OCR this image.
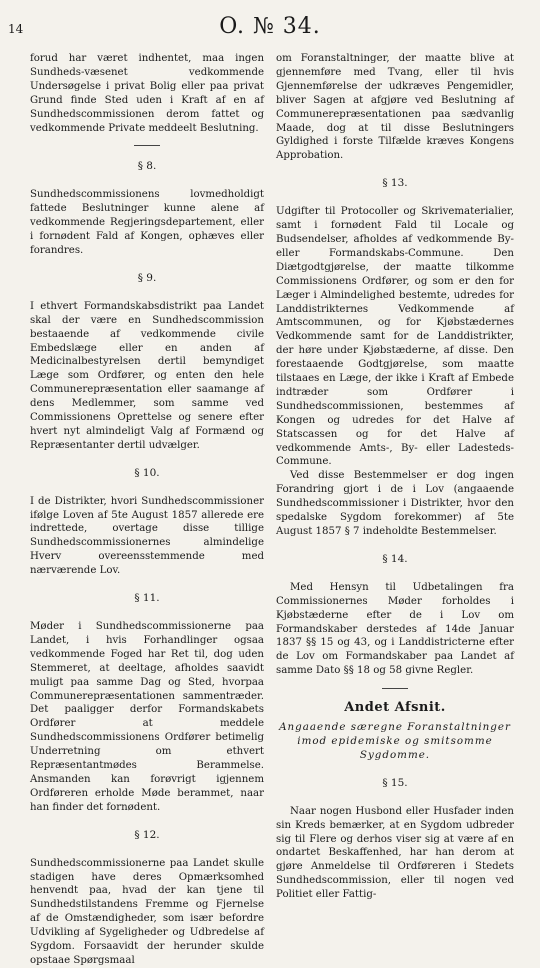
14	O. № 34.
forud har været indhentet, maa ingen Sundheds-væsenet vedkommende Undersøgelse i privat Bolig eller paa privat Grund finde Sted uden i Kraft af en af Sundhedscommissionen derom fattet og vedkommende Private meddeelt Beslutning.
§ 8.
Sundhedscommissionens lovmedholdigt fattede Beslutninger kunne alene af vedkommende Regjeringsdepartement, eller i fornødent Fald af Kongen, ophæves eller forandres.
§ 9.
I ethvert Formandskabsdistrikt paa Landet skal der være en Sundhedscommission bestaaende af vedkommende civile Embedslæge eller en anden af Medicinalbestyrelsen dertil bemyndiget Læge som Ordfører, og enten den hele Communerepræsentation eller saamange af dens Medlemmer, som samme ved Commissionens Oprettelse og senere efter hvert nyt almindeligt Valg af Formænd og Repræsentanter dertil udvælger.
§ 10.
I de Distrikter, hvori Sundhedscommissioner ifølge Loven af 5te August 1857 allerede ere indrettede, overtage disse tillige Sundhedscommissionernes almindelige Hverv overeensstemmende med nærværende Lov.
§ 11.
Møder i Sundhedscommissionerne paa Landet, i hvis Forhandlinger ogsaa vedkommende Foged har Ret til, dog uden Stemmeret, at deeltage, afholdes saavidt muligt paa samme Dag og Sted, hvorpaa Communerepræsentationen sammentræder. Det paaligger derfor Formandskabets Ordfører at meddele Sundhedscommissionens Ordfører betimelig Underretning om ethvert Repræsentantmødes Berammelse. Ansmanden kan forøvrigt igjennem Ordføreren erholde Møde berammet, naar han finder det fornødent.
§ 12.
Sundhedscommissionerne paa Landet skulle stadigen have deres Opmærksomhed henvendt paa, hvad der kan tjene til Sundhedstilstandens Fremme og Fjernelse af de Omstændigheder, som især befordre Udvikling af Sygeligheder og Udbredelse af Sygdom. Forsaavidt der herunder skulde opstaae Spørgsmaal
om Foranstaltninger, der maatte blive at gjennemføre med Tvang, eller til hvis Gjennemførelse der udkræves Pengemidler, bliver Sagen at afgjøre ved Beslutning af Communerepræsentationen paa sædvanlig Maade, dog at til disse Beslutningers Gyldighed i forste Tilfælde kræves Kongens Approbation.
§ 13.
Udgifter til Protocoller og Skrivematerialier, samt i fornødent Fald til Locale og Budsendelser, afholdes af vedkommende By- eller Formandskabs-Commune. Den Diætgodtgjørelse, der maatte tilkomme Commissionens Ordfører, og som er den for Læger i Almindelighed bestemte, udredes for Landdistrikternes Vedkommende af Amtscommunen, og for Kjøbstædernes Vedkommende samt for de Landdistrikter, der høre under Kjøbstæderne, af disse. Den forestaaende Godtgjørelse, som maatte tilstaaes en Læge, der ikke i Kraft af Embede indtræder som Ordfører i Sundhedscommissionen, bestemmes af Kongen og udredes for det Halve af Statscassen og for det Halve af vedkommende Amts-, By- eller Ladesteds-Commune.
Ved disse Bestemmelser er dog ingen Forandring gjort i de i Lov (angaaende Sundhedscommissioner i Distrikter, hvor den spedalske Sygdom forekommer) af 5te August 1857 § 7 indeholdte Bestemmelser.
§ 14.
Med Hensyn til Udbetalingen fra Commissionernes Møder forholdes i Kjøbstæderne efter de i Lov om Formandskaber derstedes af 14de Januar 1837 §§ 15 og 43, og i Landdistricterne efter de Lov om Formandskaber paa Landet af samme Dato §§ 18 og 58 givne Regler.
Andet Afsnit.
Angaaende særegne Foranstaltninger imod epidemiske og smitsomme Sygdomme.
§ 15.
Naar nogen Husbond eller Husfader inden sin Kreds bemærker, at en Sygdom udbreder sig til Flere og derhos viser sig at være af en ondartet Beskaffenhed, har han derom at gjøre Anmeldelse til Ordføreren i Stedets Sundhedscommission, eller til nogen ved Politiet eller Fattig-
